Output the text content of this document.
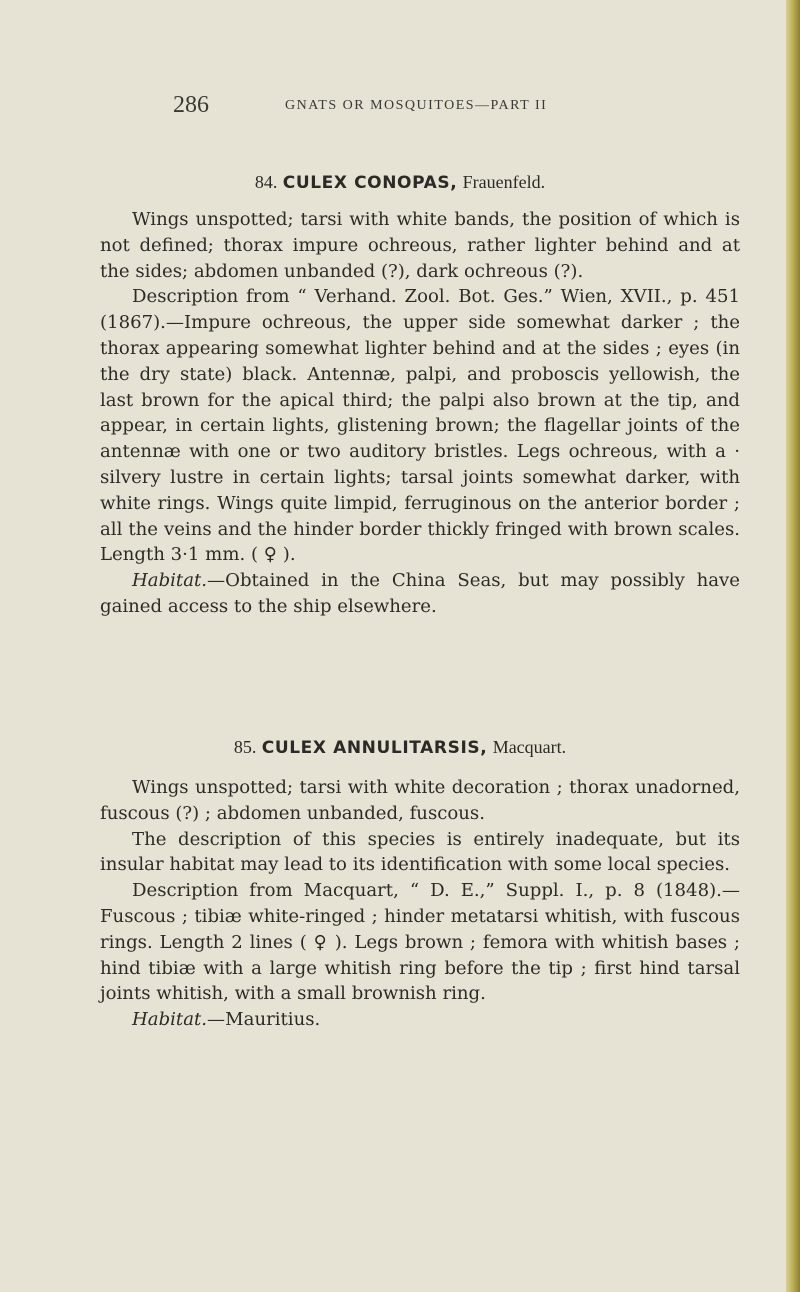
286	GNATS OR MOSQUITOES—PART II
84. CULEX CONOPAS, Frauenfeld.

Wings unspotted; tarsi with white bands, the position of which is not defined; thorax impure ochreous, rather lighter behind and at the sides; abdomen unbanded (?), dark ochreous (?).

Description from “ Verhand. Zool. Bot. Ges.” Wien, XVII., p. 451 (1867).—Impure ochreous, the upper side somewhat darker ; the thorax appearing somewhat lighter behind and at the sides ; eyes (in the dry state) black. Antennæ, palpi, and proboscis yellowish, the last brown for the apical third; the palpi also brown at the tip, and appear, in certain lights, glistening brown; the flagellar joints of the antennæ with one or two auditory bristles. Legs ochreous, with a · silvery lustre in certain lights; tarsal joints somewhat darker, with white rings. Wings quite limpid, ferruginous on the anterior border ; all the veins and the hinder border thickly fringed with brown scales. Length 3·1 mm. ( ♀ ).

Habitat.—Obtained in the China Seas, but may possibly have gained access to the ship elsewhere.

85. CULEX ANNULITARSIS, Macquart.

Wings unspotted; tarsi with white decoration ; thorax unadorned, fuscous (?) ; abdomen unbanded, fuscous.

The description of this species is entirely inadequate, but its insular habitat may lead to its identification with some local species.

Description from Macquart, “ D. E.,” Suppl. I., p. 8 (1848).—Fuscous ; tibiæ white-ringed ; hinder metatarsi whitish, with fuscous rings. Length 2 lines ( ♀ ). Legs brown ; femora with whitish bases ; hind tibiæ with a large whitish ring before the tip ; first hind tarsal joints whitish, with a small brownish ring.

Habitat.—Mauritius.
